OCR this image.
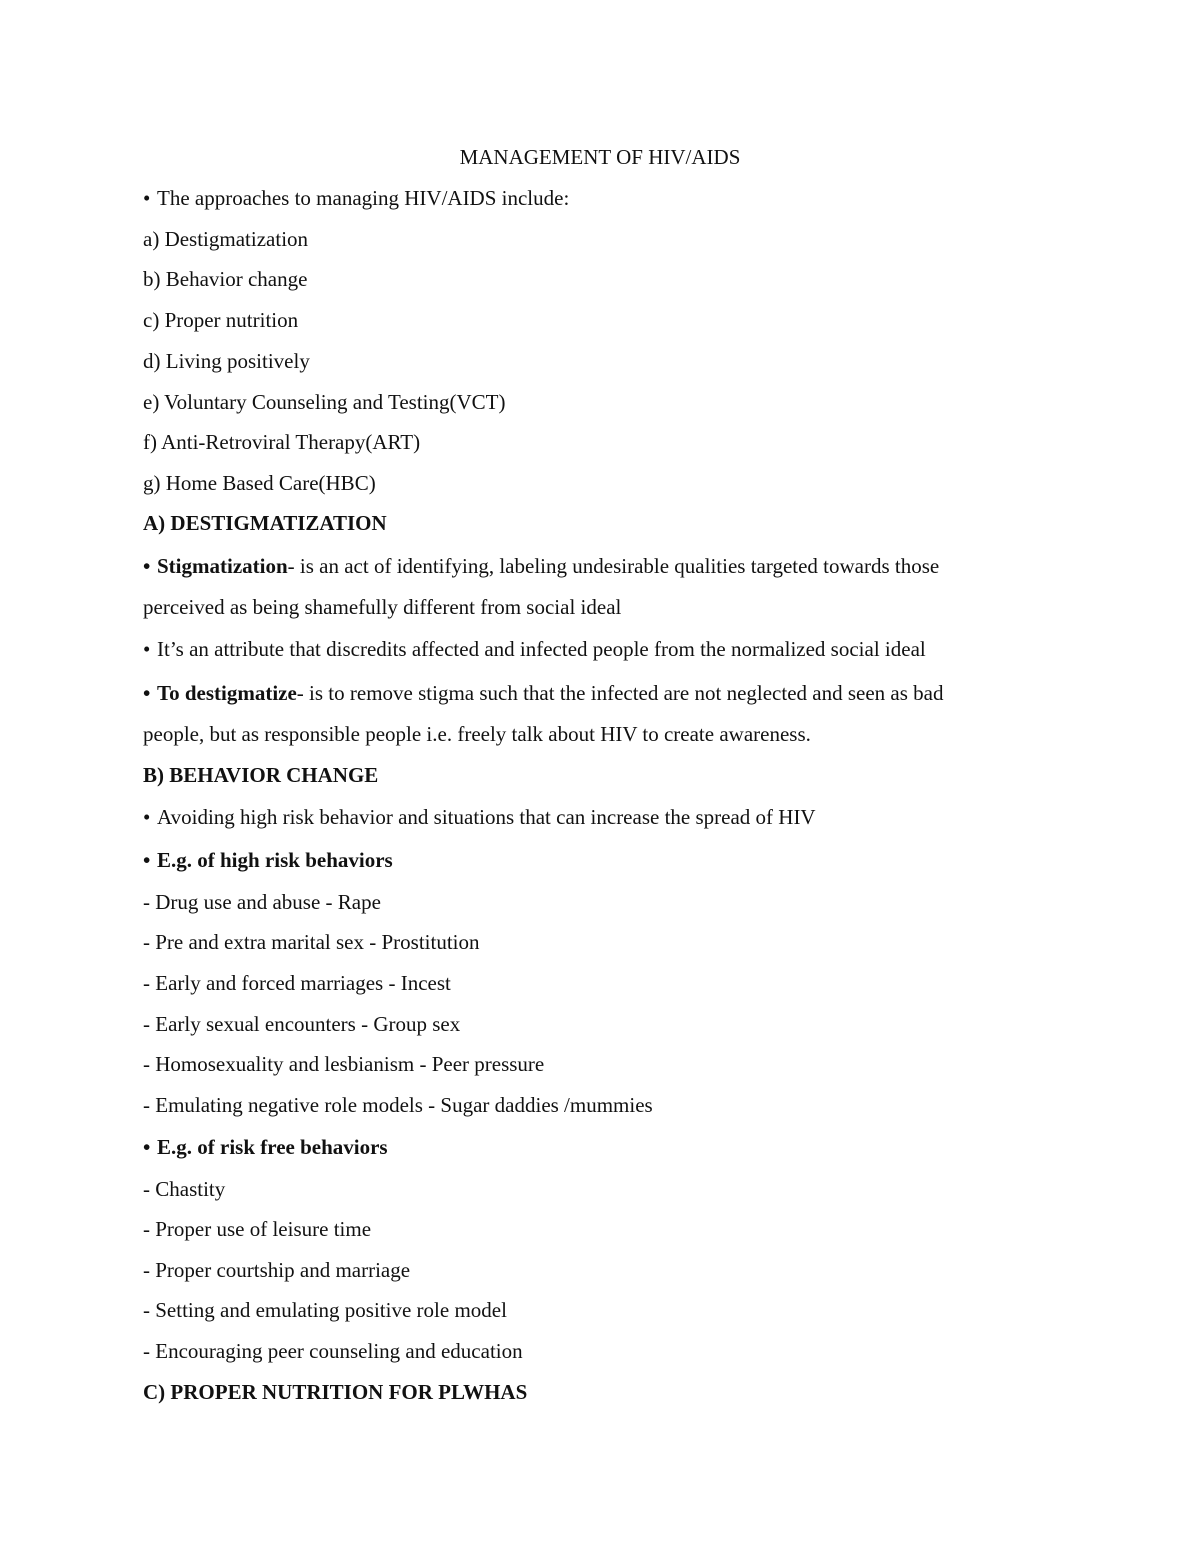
MANAGEMENT OF HIV/AIDS
• The approaches to managing HIV/AIDS include:
a) Destigmatization
b) Behavior change
c) Proper nutrition
d) Living positively
e) Voluntary Counseling and Testing(VCT)
f) Anti-Retroviral Therapy(ART)
g) Home Based Care(HBC)
A) DESTIGMATIZATION
• Stigmatization- is an act of identifying, labeling undesirable qualities targeted towards those
perceived as being shamefully different from social ideal
• It’s an attribute that discredits affected and infected people from the normalized social ideal
• To destigmatize- is to remove stigma such that the infected are not neglected and seen as bad
people, but as responsible people i.e. freely talk about HIV to create awareness.
B) BEHAVIOR CHANGE
• Avoiding high risk behavior and situations that can increase the spread of HIV
• E.g. of high risk behaviors
- Drug use and abuse - Rape
- Pre and extra marital sex - Prostitution
- Early and forced marriages - Incest
- Early sexual encounters - Group sex
- Homosexuality and lesbianism - Peer pressure
- Emulating negative role models - Sugar daddies /mummies
• E.g. of risk free behaviors
- Chastity
- Proper use of leisure time
- Proper courtship and marriage
- Setting and emulating positive role model
- Encouraging peer counseling and education
C) PROPER NUTRITION FOR PLWHAS
